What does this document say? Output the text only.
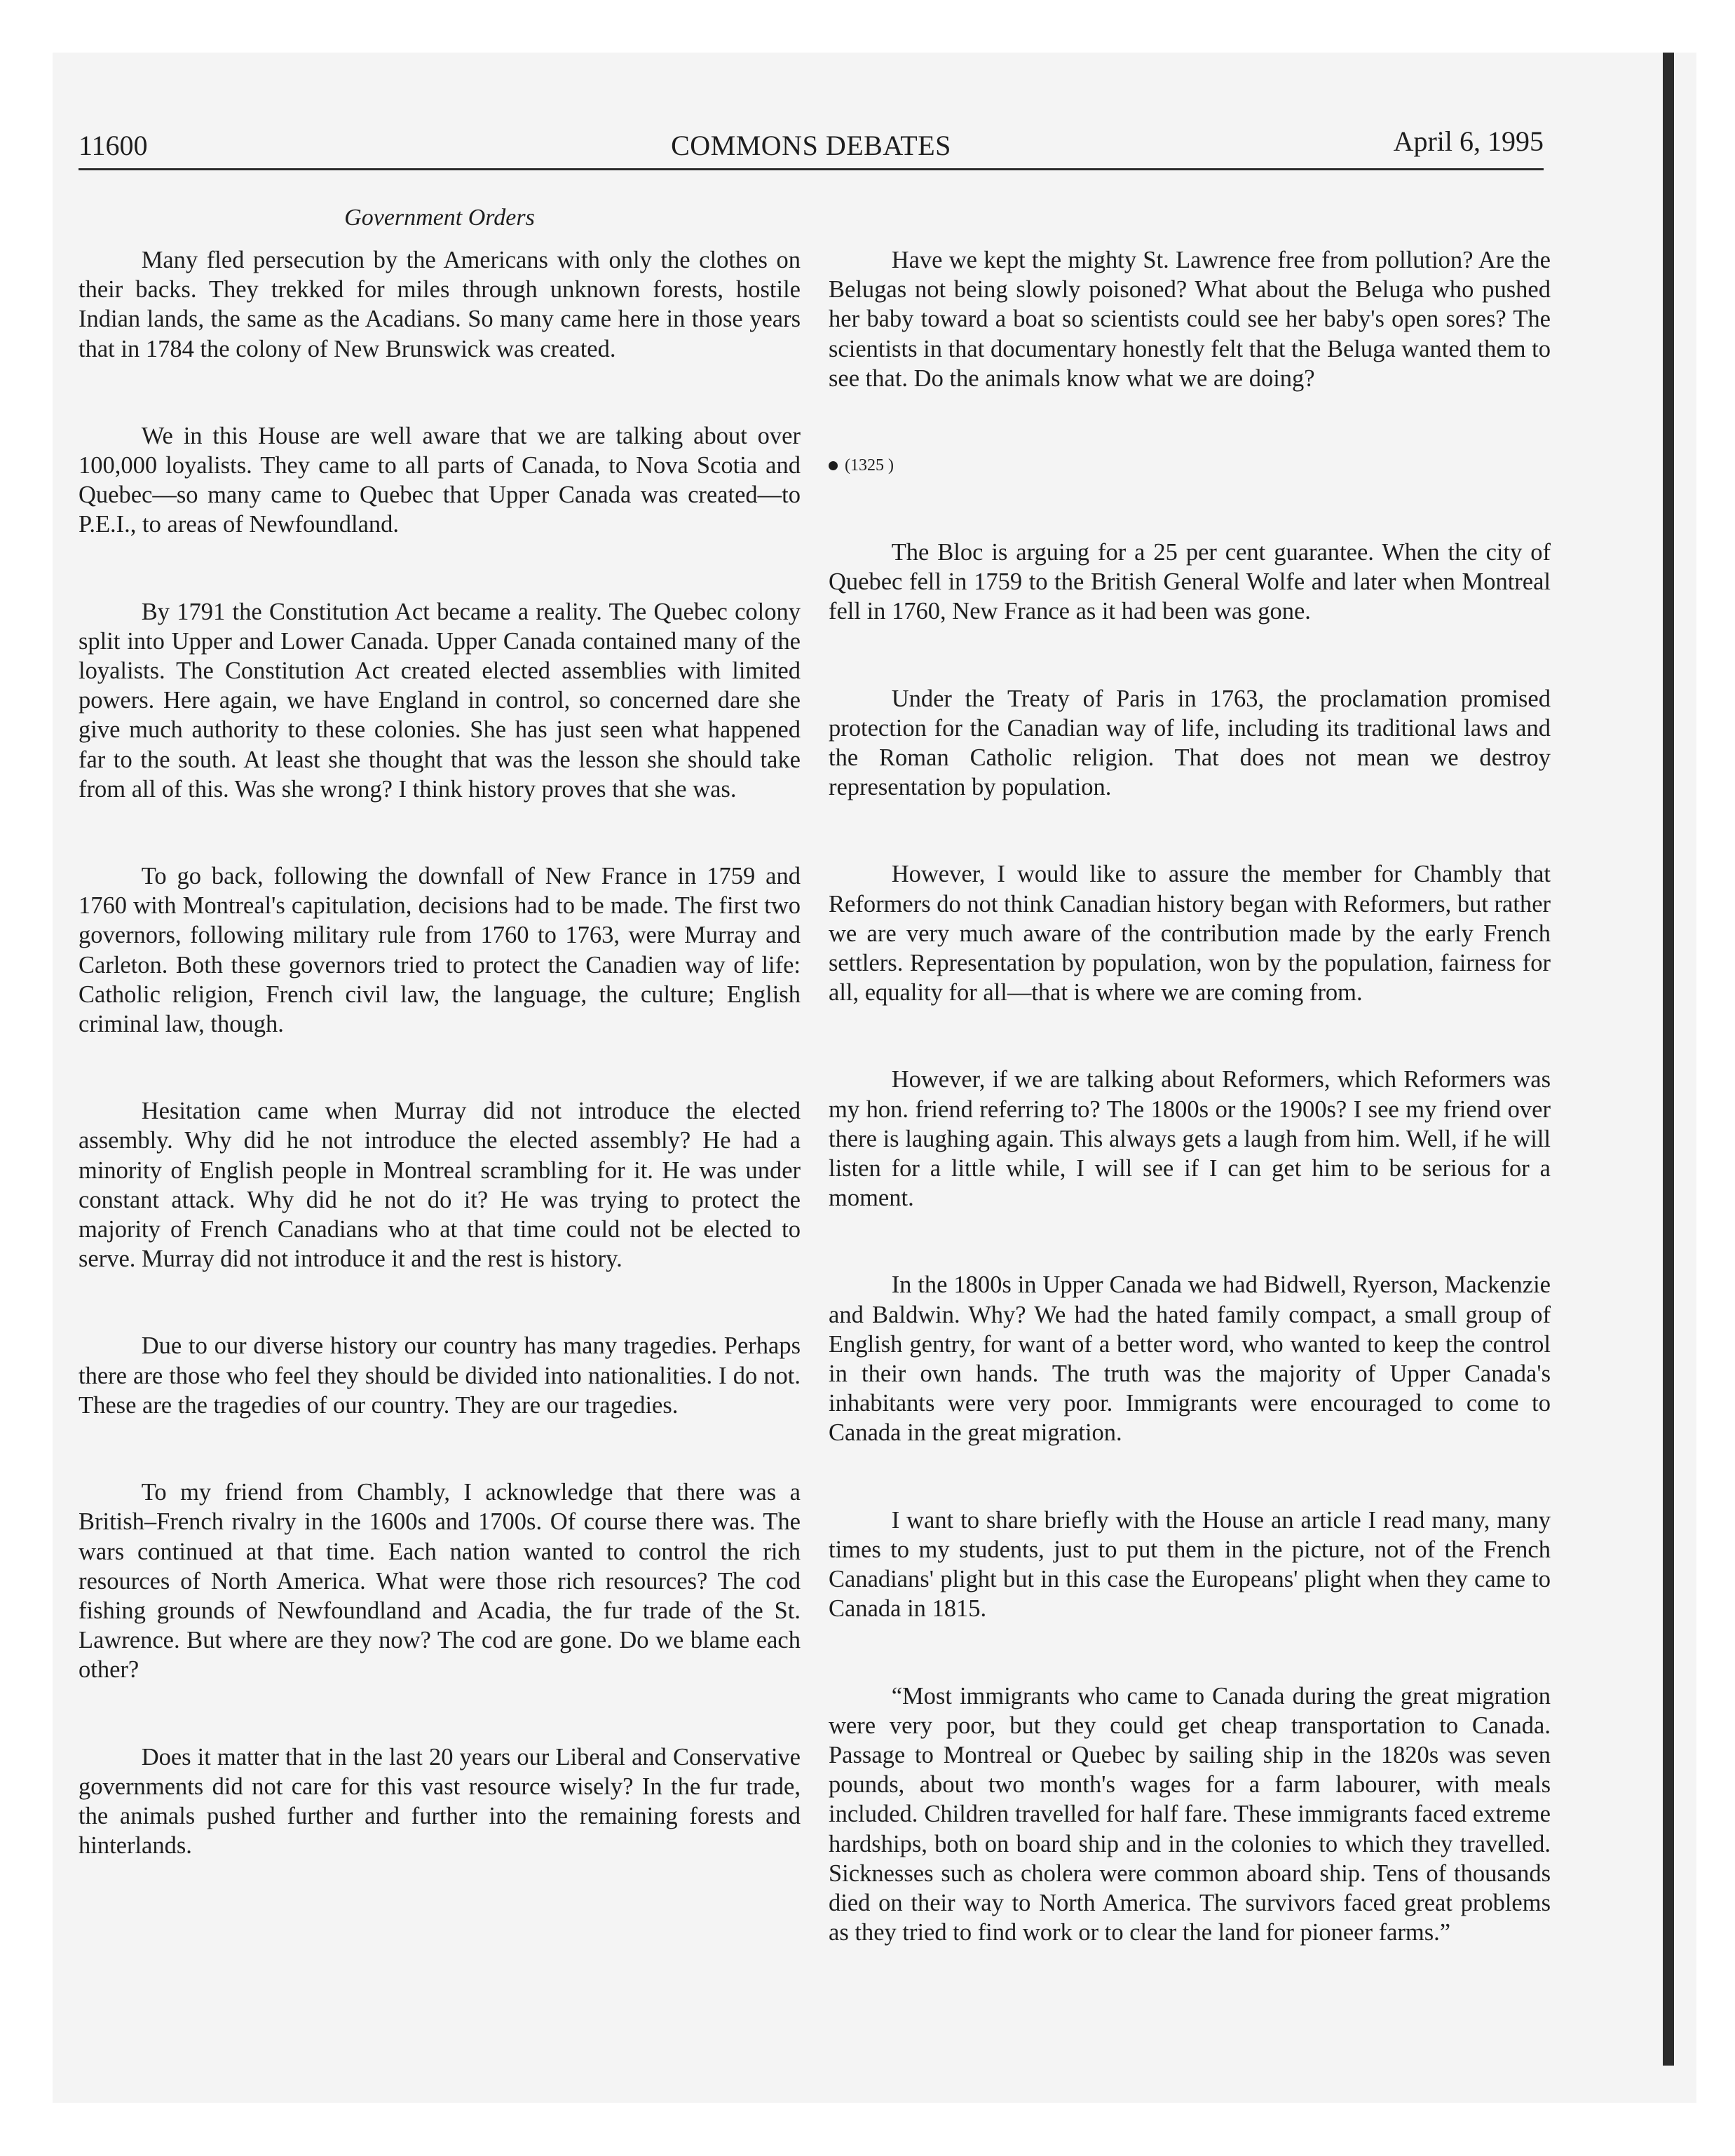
11600	COMMONS DEBATES	April 6, 1995
Government Orders

Many fled persecution by the Americans with only the clothes on their backs. They trekked for miles through unknown forests, hostile Indian lands, the same as the Acadians. So many came here in those years that in 1784 the colony of New Brunswick was created.

We in this House are well aware that we are talking about over 100,000 loyalists. They came to all parts of Canada, to Nova Scotia and Quebec—so many came to Quebec that Upper Canada was created—to P.E.I., to areas of Newfoundland.

By 1791 the Constitution Act became a reality. The Quebec colony split into Upper and Lower Canada. Upper Canada contained many of the loyalists. The Constitution Act created elected assemblies with limited powers. Here again, we have England in control, so concerned dare she give much authority to these colonies. She has just seen what happened far to the south. At least she thought that was the lesson she should take from all of this. Was she wrong? I think history proves that she was.

To go back, following the downfall of New France in 1759 and 1760 with Montreal's capitulation, decisions had to be made. The first two governors, following military rule from 1760 to 1763, were Murray and Carleton. Both these governors tried to protect the Canadien way of life: Catholic religion, French civil law, the language, the culture; English criminal law, though.

Hesitation came when Murray did not introduce the elected assembly. Why did he not introduce the elected assembly? He had a minority of English people in Montreal scrambling for it. He was under constant attack. Why did he not do it? He was trying to protect the majority of French Canadians who at that time could not be elected to serve. Murray did not introduce it and the rest is history.

Due to our diverse history our country has many tragedies. Perhaps there are those who feel they should be divided into nationalities. I do not. These are the tragedies of our country. They are our tragedies.

To my friend from Chambly, I acknowledge that there was a British–French rivalry in the 1600s and 1700s. Of course there was. The wars continued at that time. Each nation wanted to control the rich resources of North America. What were those rich resources? The cod fishing grounds of Newfoundland and Acadia, the fur trade of the St. Lawrence. But where are they now? The cod are gone. Do we blame each other?

Does it matter that in the last 20 years our Liberal and Conservative governments did not care for this vast resource wisely? In the fur trade, the animals pushed further and further into the remaining forests and hinterlands.

Have we kept the mighty St. Lawrence free from pollution? Are the Belugas not being slowly poisoned? What about the Beluga who pushed her baby toward a boat so scientists could see her baby's open sores? The scientists in that documentary honestly felt that the Beluga wanted them to see that. Do the animals know what we are doing?

(1325 )

The Bloc is arguing for a 25 per cent guarantee. When the city of Quebec fell in 1759 to the British General Wolfe and later when Montreal fell in 1760, New France as it had been was gone.

Under the Treaty of Paris in 1763, the proclamation promised protection for the Canadian way of life, including its traditional laws and the Roman Catholic religion. That does not mean we destroy representation by population.

However, I would like to assure the member for Chambly that Reformers do not think Canadian history began with Reformers, but rather we are very much aware of the contribution made by the early French settlers. Representation by population, won by the population, fairness for all, equality for all—that is where we are coming from.

However, if we are talking about Reformers, which Reformers was my hon. friend referring to? The 1800s or the 1900s? I see my friend over there is laughing again. This always gets a laugh from him. Well, if he will listen for a little while, I will see if I can get him to be serious for a moment.

In the 1800s in Upper Canada we had Bidwell, Ryerson, Mackenzie and Baldwin. Why? We had the hated family compact, a small group of English gentry, for want of a better word, who wanted to keep the control in their own hands. The truth was the majority of Upper Canada's inhabitants were very poor. Immigrants were encouraged to come to Canada in the great migration.

I want to share briefly with the House an article I read many, many times to my students, just to put them in the picture, not of the French Canadians' plight but in this case the Europeans' plight when they came to Canada in 1815.

“Most immigrants who came to Canada during the great migration were very poor, but they could get cheap transportation to Canada. Passage to Montreal or Quebec by sailing ship in the 1820s was seven pounds, about two month's wages for a farm labourer, with meals included. Children travelled for half fare. These immigrants faced extreme hardships, both on board ship and in the colonies to which they travelled. Sicknesses such as cholera were common aboard ship. Tens of thousands died on their way to North America. The survivors faced great problems as they tried to find work or to clear the land for pioneer farms.”
